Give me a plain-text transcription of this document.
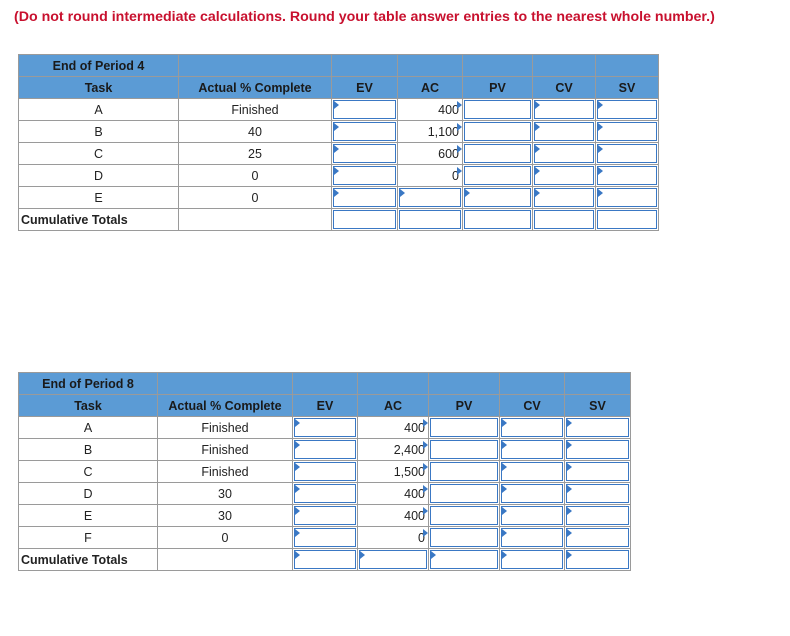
(Do not round intermediate calculations. Round your table answer entries to the nearest whole number.)
End of Period 4						
Task	Actual % Complete	EV	AC	PV	CV	SV
A	Finished		400

B	40		1,100

C	25		600

D	0		0

E	0	

Cumulative Totals		

End of Period 8						
Task	Actual % Complete	EV	AC	PV	CV	SV
A	Finished		400

B	Finished		2,400

C	Finished		1,500

D	30		400

E	30		400

F	0		0

Cumulative Totals		
